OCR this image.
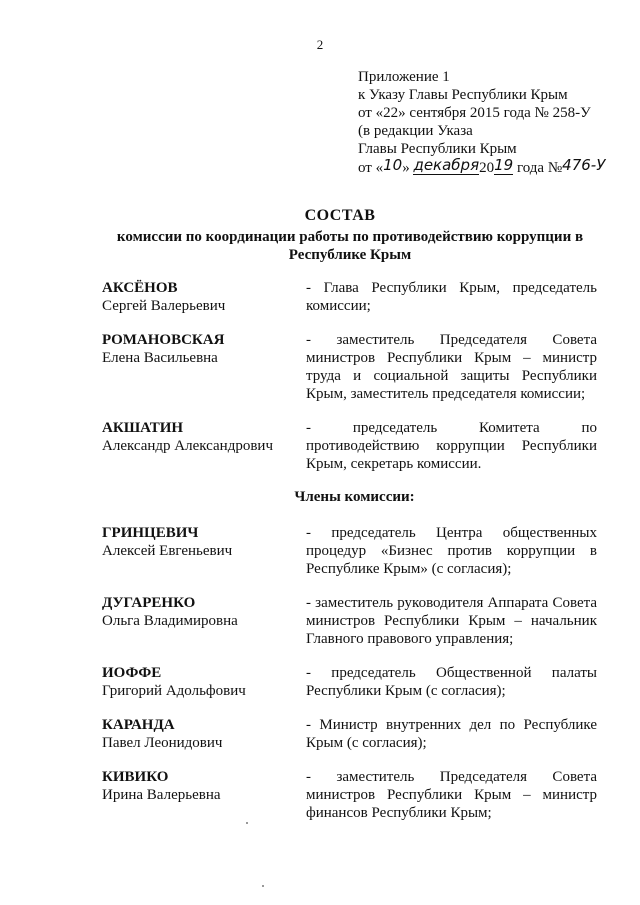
2
Приложение 1
к Указу Главы Республики Крым
от «22» сентября 2015 года № 258-У
(в редакции Указа
Главы Республики Крым
от «10» декабря2019 года №476-У
СОСТАВ
комиссии по координации работы по противодействию коррупции в Республике Крым
АКСЁНОВ
Сергей Валерьевич
- Глава Республики Крым, председатель комиссии;
РОМАНОВСКАЯ
Елена Васильевна
- заместитель Председателя Совета министров Республики Крым – министр труда и социальной защиты Республики Крым, заместитель председателя комиссии;
АКШАТИН
Александр Александрович
- председатель Комитета по противодействию коррупции Республики Крым, секретарь комиссии.
Члены комиссии:
ГРИНЦЕВИЧ
Алексей Евгеньевич
- председатель Центра общественных процедур «Бизнес против коррупции в Республике Крым» (с согласия);
ДУГАРЕНКО
Ольга Владимировна
- заместитель руководителя Аппарата Совета министров Республики Крым – начальник Главного правового управления;
ИОФФЕ
Григорий Адольфович
- председатель Общественной палаты Республики Крым (с согласия);
КАРАНДА
Павел Леонидович
- Министр внутренних дел по Республике Крым (с согласия);
КИВИКО
Ирина Валерьевна
- заместитель Председателя Совета министров Республики Крым – министр финансов Республики Крым;
